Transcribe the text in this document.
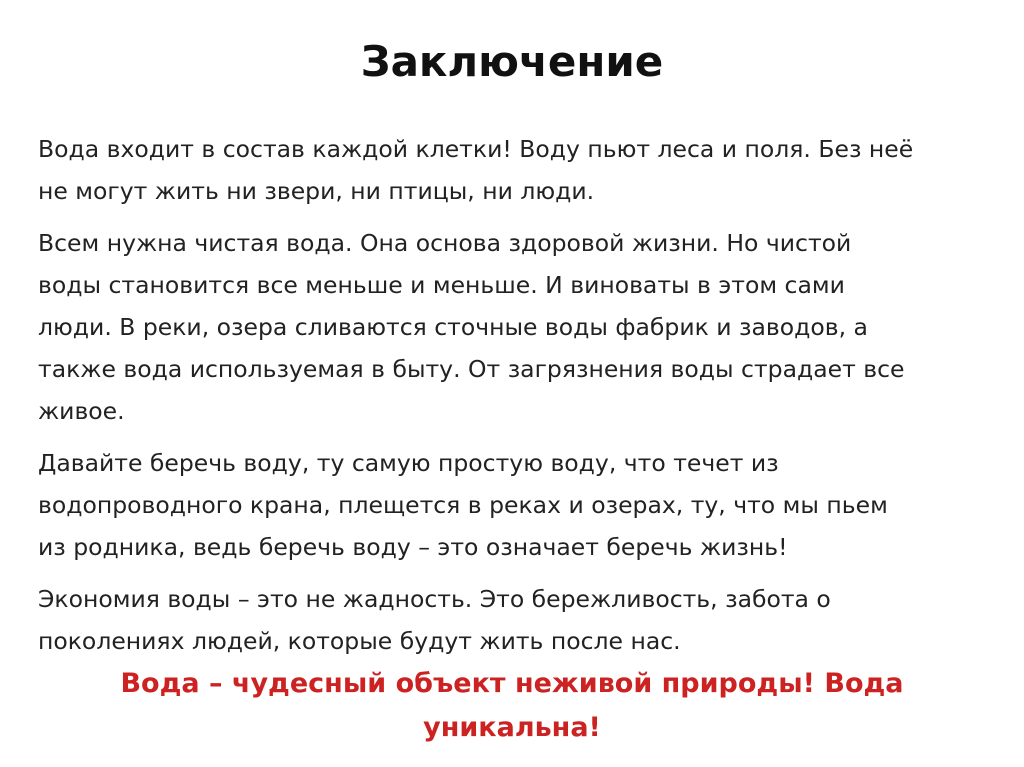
Заключение

Вода входит в состав каждой клетки! Воду пьют леса и поля. Без неё
не могут жить ни звери, ни птицы, ни люди.

Всем нужна чистая вода. Она основа здоровой жизни. Но чистой
воды становится все меньше и меньше. И виноваты в этом сами
люди. В реки, озера сливаются сточные воды фабрик и заводов, а
также вода используемая в быту. От загрязнения воды страдает все
живое.

Давайте беречь воду, ту самую простую воду, что течет из
водопроводного крана, плещется в реках и озерах, ту, что мы пьем
из родника, ведь беречь воду – это означает беречь жизнь!

Экономия воды – это не жадность. Это бережливость, забота о
поколениях людей, которые будут жить после нас.

Вода – чудесный объект неживой природы! Вода
уникальна!
